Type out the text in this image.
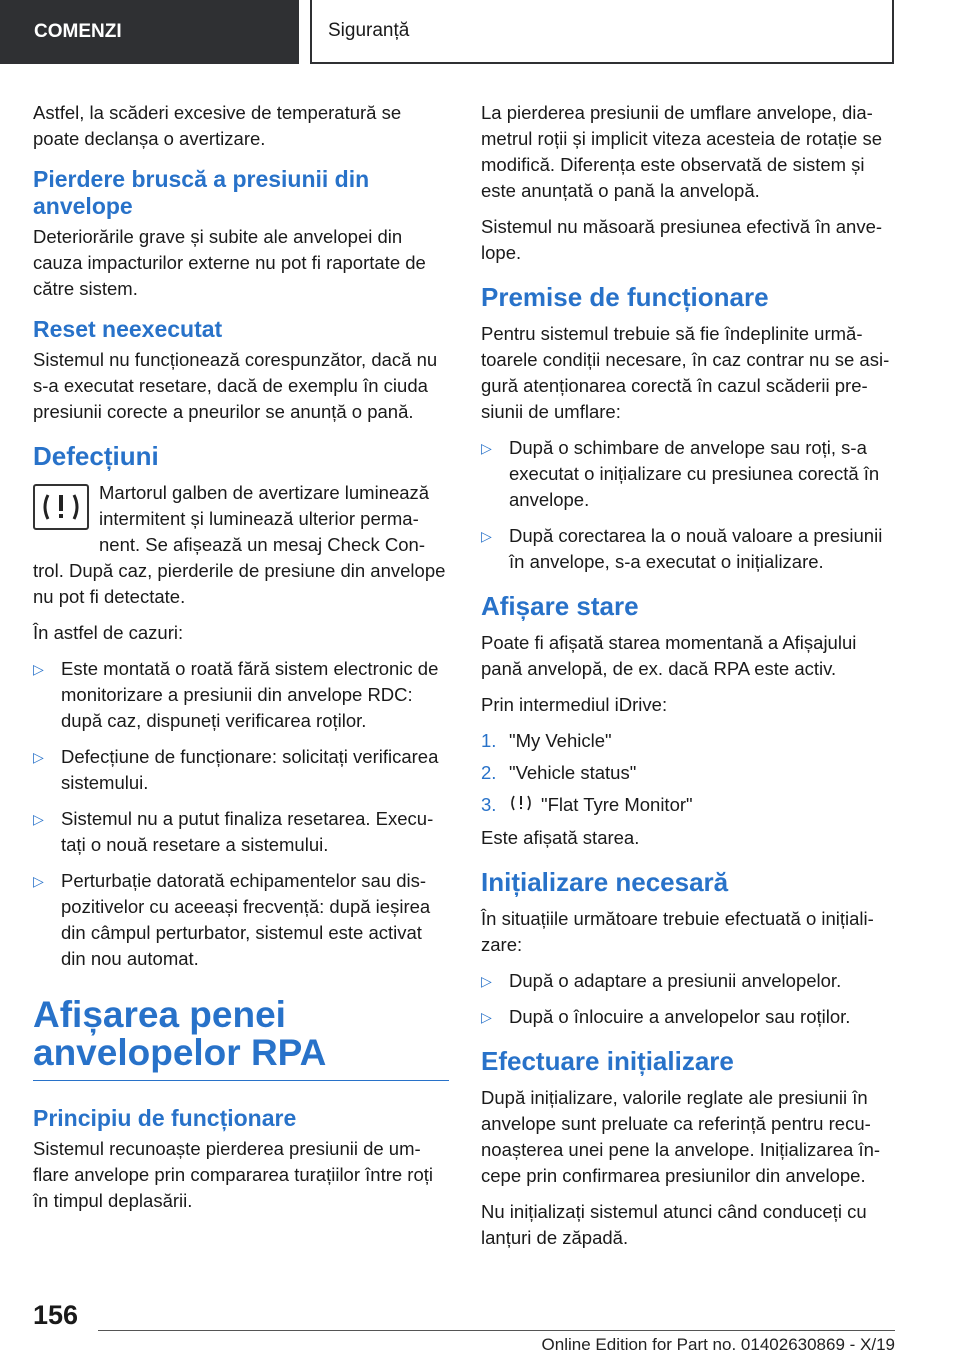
COMENZI	Siguranță

Astfel, la scăderi excesive de temperatură se poate declanșa o avertizare.

Pierdere bruscă a presiunii din anvelope

Deteriorările grave și subite ale anvelopei din cauza impacturilor externe nu pot fi raportate de către sistem.

Reset neexecutat

Sistemul nu funcționează corespunzător, dacă nu s-a executat resetare, dacă de exemplu în ciuda presiunii corecte a pneurilor se anunță o pană.

Defecțiuni

Martorul galben de avertizare luminează intermitent și luminează ulterior permanent. Se afișează un mesaj Check Control. După caz, pierderile de presiune din anvelope nu pot fi detectate.

În astfel de cazuri:

▷ Este montată o roată fără sistem electronic de monitorizare a presiunii din anvelope RDC: după caz, dispuneți verificarea roților.
▷ Defecțiune de funcționare: solicitați verificarea sistemului.
▷ Sistemul nu a putut finaliza resetarea. Executați o nouă resetare a sistemului.
▷ Perturbație datorată echipamentelor sau dispozitivelor cu aceeași frecvență: după ieșirea din câmpul perturbator, sistemul este activat din nou automat.
Afișarea penei anvelopelor RPA
Principiu de funcționare

Sistemul recunoaște pierderea presiunii de umflare anvelope prin compararea turațiilor între roți în timpul deplasării.

La pierderea presiunii de umflare anvelope, diametrul roții și implicit viteza acesteia de rotație se modifică. Diferența este observată de sistem și este anunțată o pană la anvelopă.

Sistemul nu măsoară presiunea efectivă în anvelope.

Premise de funcționare

Pentru sistemul trebuie să fie îndeplinite următoarele condiții necesare, în caz contrar nu se asigură atenționarea corectă în cazul scăderii presiunii de umflare:

▷ După o schimbare de anvelope sau roți, s-a executat o inițializare cu presiunea corectă în anvelope.
▷ După corectarea la o nouă valoare a presiunii în anvelope, s-a executat o inițializare.
Afișare stare

Poate fi afișată starea momentană a Afișajului pană anvelopă, de ex. dacă RPA este activ.

Prin intermediul iDrive:

1. "My Vehicle"
2. "Vehicle status"
3. "Flat Tyre Monitor"

Este afișată starea.

Inițializare necesară

În situațiile următoare trebuie efectuată o inițializare:

▷ După o adaptare a presiunii anvelopelor.
▷ După o înlocuire a anvelopelor sau roților.
Efectuare inițializare

După inițializare, valorile reglate ale presiunii în anvelope sunt preluate ca referință pentru recunoașterea unei pene la anvelope. Inițializarea începe prin confirmarea presiunilor din anvelope.

Nu inițializați sistemul atunci când conduceți cu lanțuri de zăpadă.

156
Online Edition for Part no. 01402630869 - X/19
